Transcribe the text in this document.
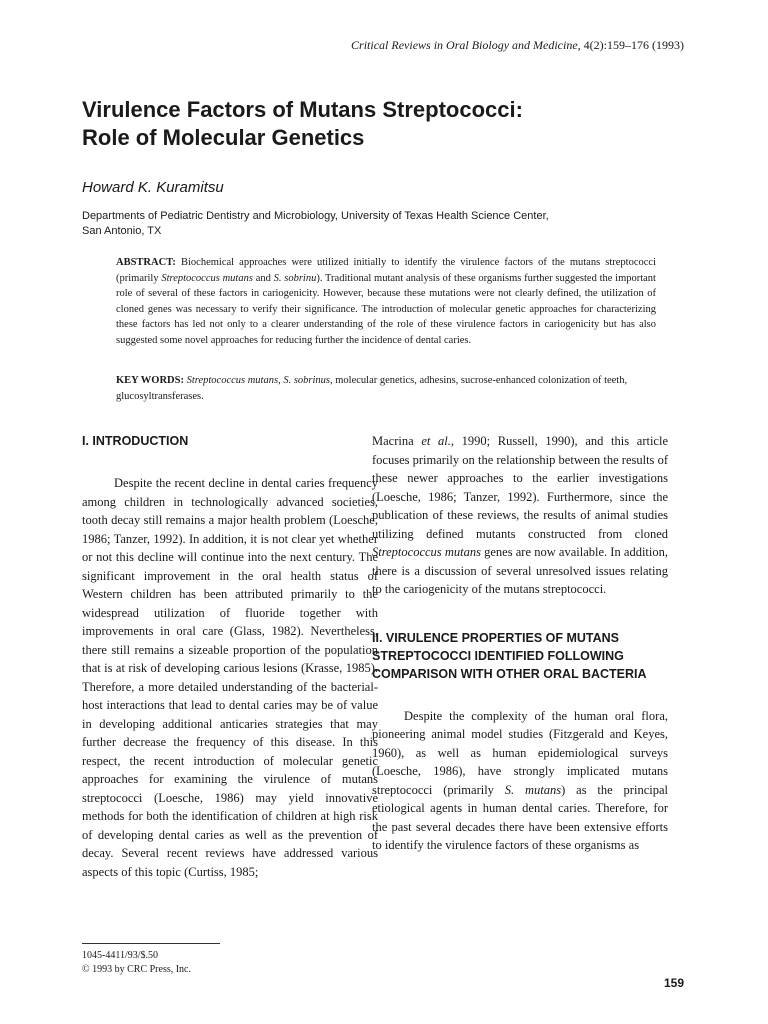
Critical Reviews in Oral Biology and Medicine, 4(2):159–176 (1993)
Virulence Factors of Mutans Streptococci:
Role of Molecular Genetics
Howard K. Kuramitsu
Departments of Pediatric Dentistry and Microbiology, University of Texas Health Science Center,
San Antonio, TX

ABSTRACT: Biochemical approaches were utilized initially to identify the virulence factors of the mutans streptococci (primarily Streptococcus mutans and S. sobrinu). Traditional mutant analysis of these organisms further suggested the important role of several of these factors in cariogenicity. However, because these mutations were not clearly defined, the utilization of cloned genes was necessary to verify their significance. The introduction of molecular genetic approaches for characterizing these factors has led not only to a clearer understanding of the role of these virulence factors in cariogenicity but has also suggested some novel approaches for reducing further the incidence of dental caries.

KEY WORDS: Streptococcus mutans, S. sobrinus, molecular genetics, adhesins, sucrose-enhanced colonization of teeth, glucosyltransferases.

I. INTRODUCTION

Despite the recent decline in dental caries frequency among children in technologically advanced societies, tooth decay still remains a major health problem (Loesche, 1986; Tanzer, 1992). In addition, it is not clear yet whether or not this decline will continue into the next century. The significant improvement in the oral health status of Western children has been attributed primarily to the widespread utilization of fluoride together with improvements in oral care (Glass, 1982). Nevertheless, there still remains a sizeable proportion of the population that is at risk of developing carious lesions (Krasse, 1985). Therefore, a more detailed understanding of the bacterial-host interactions that lead to dental caries may be of value in developing additional anticaries strategies that may further decrease the frequency of this disease. In this respect, the recent introduction of molecular genetic approaches for examining the virulence of mutans streptococci (Loesche, 1986) may yield innovative methods for both the identification of children at high risk of developing dental caries as well as the prevention of decay. Several recent reviews have addressed various aspects of this topic (Curtiss, 1985;

Macrina et al., 1990; Russell, 1990), and this article focuses primarily on the relationship between the results of these newer approaches to the earlier investigations (Loesche, 1986; Tanzer, 1992). Furthermore, since the publication of these reviews, the results of animal studies utilizing defined mutants constructed from cloned Streptococcus mutans genes are now available. In addition, there is a discussion of several unresolved issues relating to the cariogenicity of the mutans streptococci.

II. VIRULENCE PROPERTIES OF MUTANS STREPTOCOCCI IDENTIFIED FOLLOWING COMPARISON WITH OTHER ORAL BACTERIA

Despite the complexity of the human oral flora, pioneering animal model studies (Fitzgerald and Keyes, 1960), as well as human epidemiological surveys (Loesche, 1986), have strongly implicated mutans streptococci (primarily S. mutans) as the principal etiological agents in human dental caries. Therefore, for the past several decades there have been extensive efforts to identify the virulence factors of these organisms as

1045-4411/93/$.50
© 1993 by CRC Press, Inc.
159
